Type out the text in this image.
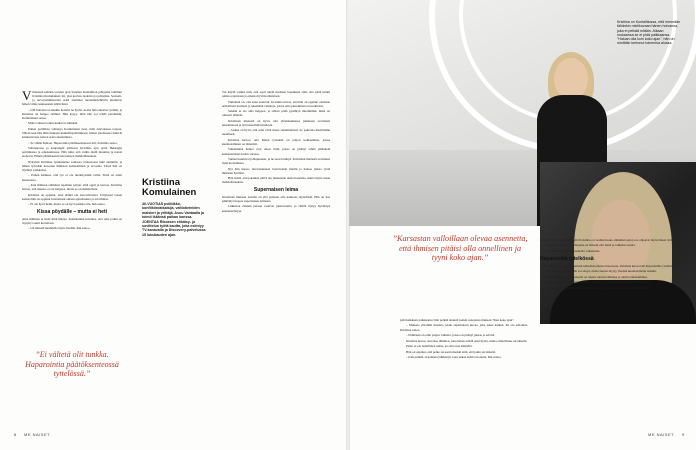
V iimeisen kahden vuoden ajan Suomen Kuntaliiton johtajana toiminut Kristiina Komulainen, 46, yksi kovista tiedoista ja johtajista. Sosiaali- ja terveysministeriön eräät aiemmat luottamustehtävät kuuluivat hänen viime kuukausien tehtäviinsä.

– Olli hoitaisi tai ainakin hoitaisi ne hyvin, koska hän rakastaa työtään, ja Kristiina on helppo esimies. Hän kysyy, mitä hän voi tehdä paremmin, Komulainen sanoo.

Mutta valkeat tontut kuuluvat elämään.

Ennen poliittisia valintoja Komulainen tiesi, mitä tulevaisuus tarjoaa. Silloin kun hän lähti mukaan kunnallispolitiikkaan, hänen puolisonsa näkivät kannustavana naisen uran rakentamista.

– Se vähän haittasi. Haparointia päätöksentekoon tuli, Kristiina sanoo.

Valtuustossa ja kaupungin johdossa Kristiina ajoi työtä Helsingin politiikassa ja eduskunnassa. Hän näki, että vanha malli muuttuu ja naiset etenevät. Hänen päätöksensä tuki naisten mahdollisuuksia.

Nykyisin Kristiina työskentelee samassa verkostossa kuin aiemmin, ja hänen työssään korostuu ihmisten kohtaaminen ja arvostus. Tässä hän on löytänyt paikkansa.

– Ennen kaikkea, että työ ei ole merkitystään vailla. Siinä on omat haasteensa.

– Kun ihmisen elämässä tapahtuu paljon, siitä oppii ja kasvaa. Kristiina kertoo, että muutos ei ole helppoa, mutta se on mahdollista.

Kristiina on oppinut, ettei elämä ole suoraviivaista. Erityisesti lasten kanssa hän on oppinut luottamaan omaan ajatteluunsa ja arvoihinsa.

– Ei ole hyvä hetki, mutta se on hyvä paikka olla, hän sanoo.

Kissa pöydälle – mutta ei heti

Aina ihminen ei tiedä mitä haluaa. Komulainen kuvailee, että oma polku on löytynyt askel kerrallaan.

– On tärkeää kuunnella myös itseään, hän sanoo.

”Ei vältetä olit tunkka. Haparointia päätöksenteossä tyttelössä.”
Kristiina Komulainen
46-VUOTIAS poliitikko, konfliktinratkaisija, valtiotieteiden maisteri ja yrittäjä. Asuu Vantaalla ja toimii ikäänsä paikan kanssa. JOENTAA Rikoksen ehkäisy- ja sovittelun työtä kautta, joka esiintyy TV-kanavalla ja Discovery-palvelussa 15 lukukauden ajan.

Voi käydä vaikka niin, että sopii tehdä itselleen lupauksen siitä, että pitää kiinni omista rajoistaan ja omasta hyvinvoinnistaan.

Tärkeintä on, että asiat etenevät. Kristiina kuvaa, että hän on oppinut olemaan armollinen itselleen ja tekemään valintoja, joissa oma jaksaminen on keskiössä.

Sekään ei ole aina helppoa, ja silloin pitää pysähtyä miettimään, mikä on oikeasti tärkeää.

Kristiinan mielestä on hyvä, että yhteiskunnassa puhutaan avoimesti jaksamisesta ja työn kuormittavuudesta.

– Joskus on hyvä, että asiat eivät mene suunnitellusti. Se pakottaa miettimään uudelleen.

Kristiina kertoo, että hänen työssään on paljon kohtaamisia, joissa kuunteleminen on tärkeintä.

Vaikeimmat hetket ovat olleet niitä, joissa on pitänyt tehdä päätöksiä keskeneräisen tiedon varassa.

Tunteet kuuluvat johtajuuteen, ja ne saavat näkyä. Kristiinan mielestä avoimuus lisää luottamusta.

Nyt hän katsoo tulevaisuuteen luottavaisin mielin ja haluaa jatkaa työtä ihmisten hyväksi.

Hän tietää, että jokainen päivä tuo mukanaan uusia haasteita, mutta myös uusia mahdollisuuksia.

Supernaisen leima

Kristiinan mukaan naisilla on yhä paineita olla kaikessa täydellisiä. Hän on itse päättänyt luopua supernaisen leimasta.

Liikkuvat elämän palaset vaativat joustavuutta, ja välillä täytyy hyväksyä keskeneräisyys.

8 ME NAISET
Kristiina on Kuntaliitossa, että mennään tähänkin mielikuvaan hänen hoivanna, joka ei pelkää mitään. Aikaan mukaansa se ei pidä paikkaansa. "Haluan olla kuin koko ajan", hän on nimittäin kertonut toimensa alussa.
”Karsastan valloillaan olevaa asennetta, että ihmisen pitäisi olla onnellinen ja tyyni koko ajan.”

pidä kaikkaan paikkaansa: hän pelkää ainakin jonkin sanojensa mukaan "ihan koko ajan".

– Minusta yritetään maalata jotain supernaisen kuvaa, joka tekee kaiken. En ole sellainen, Kristiina sanoo.

– Elämässä on ollut paljon vaiheita, joissa on pitänyt jaksaa ja selvitä.

Kristiina kertoo olevansa ihminen, joka haluaa tehdä asiat hyvin, mutta armollisuus on tärkeää.

Pelko ei ole haitallinen tunne, jos sitä osaa käsitellä.

Hän on oppinut, että pelko on usein merkki siitä, että jokin on tärkeää.

– Kun pelkää, ei kannata jähmettyä vaan jatkaa kohti tavoitetta, hän sanoo.

Perhearvoja ja yhteisöllisyyttä Kristiina on vaalinut koko elämänsä ajan ja ne ohjaavat myös hänen työtään.

Kristiina kokee, että johtajana on tärkeää olla läsnä ja rohkaista muita.

– Ihminen kasvaa kohtaamalla vaikeuksia.

Haparointia ryteikössä

Usein ihminen joutuu kulkemaan tuntemattomassa maastossa. Kristiina kuvaa tätä haparointina ryteikössä.

Hän tietää, että matkalla voi eksyä, mutta suunta löytyy yleensä kuuntelemalla itseään.

Kristiinan mielestä jokaisella on oikeus omaan tahtiinsa ja omiin ratkaisuihinsa.

Välillä on hyvä pysähtyä ja katsoa taaksepäin, jotta näkee kuinka pitkälle on tultu.

Tulevaisuus näyttää Kristiinalle valoisalta, ja hän odottaa uusia mahdollisuuksia.

ME NAISET 9
